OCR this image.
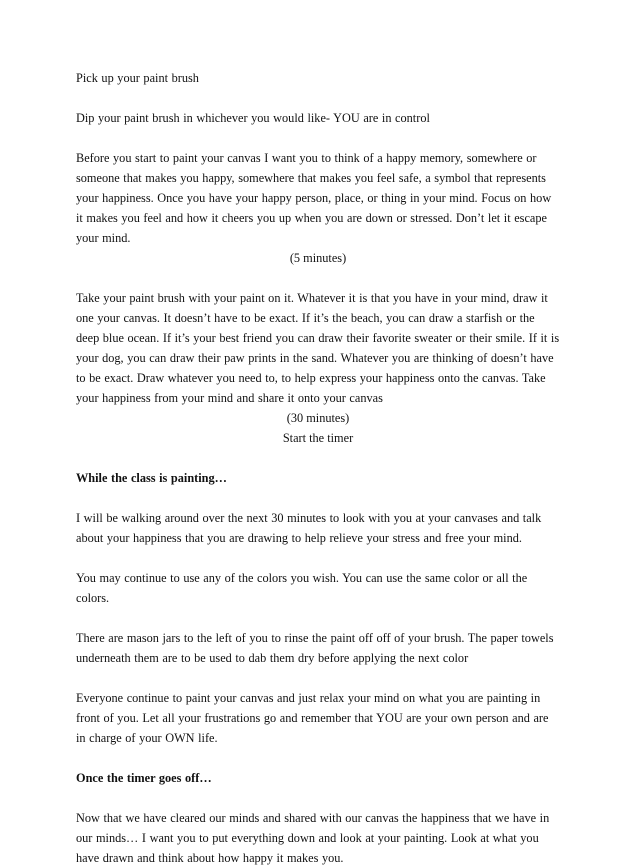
Pick up your paint brush

Dip your paint brush in whichever you would like- YOU are in control

Before you start to paint your canvas I want you to think of a happy memory, somewhere or someone that makes you happy, somewhere that makes you feel safe, a symbol that represents your happiness. Once you have your happy person, place, or thing in your mind. Focus on how it makes you feel and how it cheers you up when you are down or stressed. Don’t let it escape your mind.

(5 minutes)

Take your paint brush with your paint on it. Whatever it is that you have in your mind, draw it one your canvas. It doesn’t have to be exact. If it’s the beach, you can draw a starfish or the deep blue ocean. If it’s your best friend you can draw their favorite sweater or their smile. If it is your dog, you can draw their paw prints in the sand. Whatever you are thinking of doesn’t have to be exact. Draw whatever you need to, to help express your happiness onto the canvas. Take your happiness from your mind and share it onto your canvas

(30 minutes)

Start the timer

While the class is painting…

I will be walking around over the next 30 minutes to look with you at your canvases and talk about your happiness that you are drawing to help relieve your stress and free your mind.

You may continue to use any of the colors you wish. You can use the same color or all the colors.

There are mason jars to the left of you to rinse the paint off off of your brush. The paper towels underneath them are to be used to dab them dry before applying the next color

Everyone continue to paint your canvas and just relax your mind on what you are painting in front of you. Let all your frustrations go and remember that YOU are your own person and are in charge of your OWN life.

Once the timer goes off…

Now that we have cleared our minds and shared with our canvas the happiness that we have in our minds… I want you to put everything down and look at your painting. Look at what you have drawn and think about how happy it makes you.
